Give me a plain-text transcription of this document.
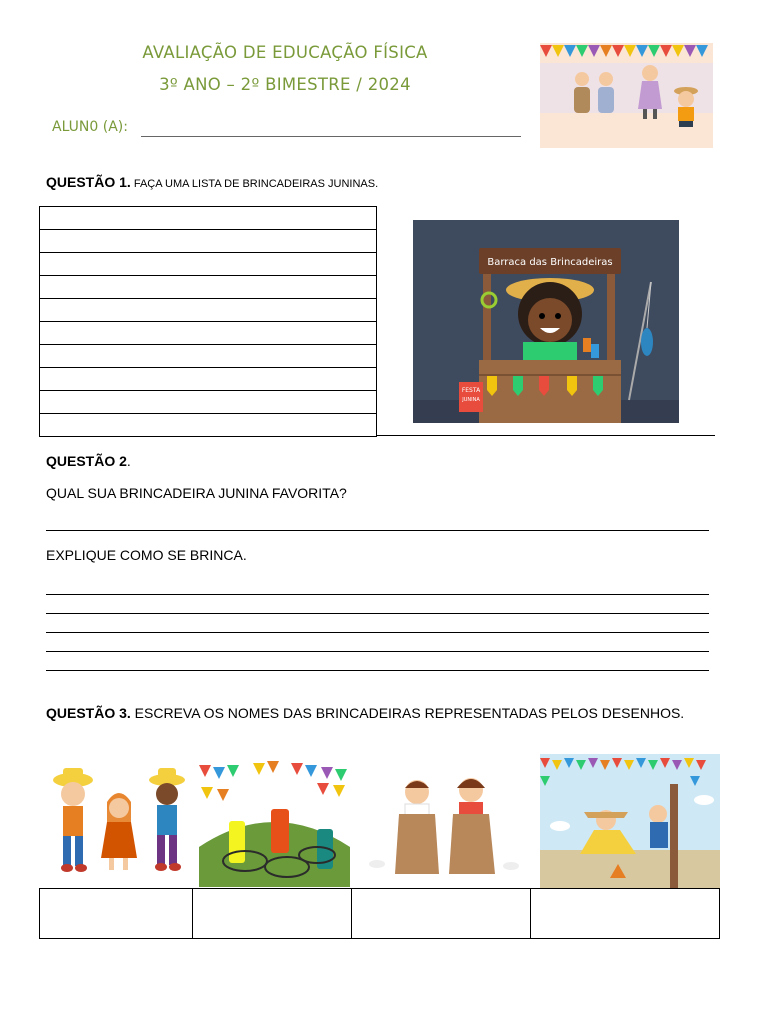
AVALIAÇÃO DE EDUCAÇÃO FÍSICA
3º ANO – 2º BIMESTRE / 2024
ALUN0 (A):
QUESTÃO 1. FAÇA UMA LISTA DE BRINCADEIRAS JUNINAS.

Barraca das Brincadeiras
FESTA
JUNINA
QUESTÃO 2.
QUAL SUA BRINCADEIRA JUNINA FAVORITA?
EXPLIQUE COMO SE BRINCA.
QUESTÃO 3. ESCREVA OS NOMES DAS BRINCADEIRAS REPRESENTADAS PELOS DESENHOS.
